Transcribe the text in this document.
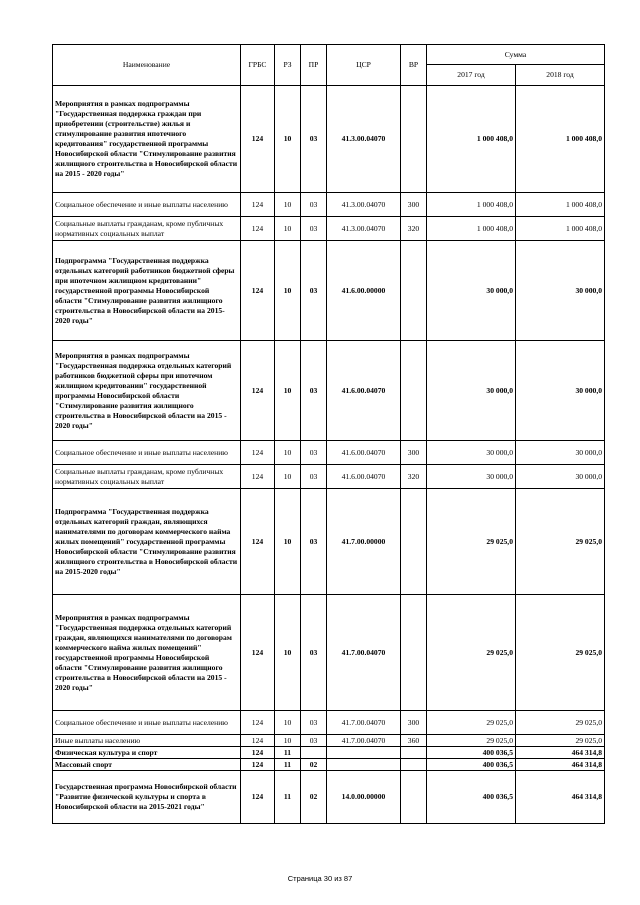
Наименование	ГРБС	РЗ	ПР	ЦСР	ВР	Сумма	
						2017 год	2018 год
Мероприятия в рамках подпрограммы "Государственная поддержка граждан при приобретении (строительстве) жилья и стимулирование развития ипотечного кредитования" государственной программы Новосибирской области "Стимулирование развития жилищного строительства в Новосибирской области на 2015 - 2020 годы"	124	10	03	41.3.00.04070		1 000 408,0	1 000 408,0
Социальное обеспечение и иные выплаты населению	124	10	03	41.3.00.04070	300	1 000 408,0	1 000 408,0
Социальные выплаты гражданам, кроме публичных нормативных социальных выплат	124	10	03	41.3.00.04070	320	1 000 408,0	1 000 408,0
Подпрограмма "Государственная поддержка отдельных категорий работников бюджетной сферы при ипотечном жилищном кредитовании" государственной программы Новосибирской области "Стимулирование развития жилищного строительства в Новосибирской области на 2015-2020 годы"	124	10	03	41.6.00.00000		30 000,0	30 000,0
Мероприятия в рамках подпрограммы "Государственная поддержка отдельных категорий работников бюджетной сферы при ипотечном жилищном кредитовании" государственной программы Новосибирской области "Стимулирование развития жилищного строительства в Новосибирской области на 2015 - 2020 годы"	124	10	03	41.6.00.04070		30 000,0	30 000,0
Социальное обеспечение и иные выплаты населению	124	10	03	41.6.00.04070	300	30 000,0	30 000,0
Социальные выплаты гражданам, кроме публичных нормативных социальных выплат	124	10	03	41.6.00.04070	320	30 000,0	30 000,0
Подпрограмма "Государственная поддержка отдельных категорий граждан, являющихся нанимателями по договорам коммерческого найма жилых помещений" государственной программы Новосибирской области "Стимулирование развития жилищного строительства в Новосибирской области на 2015-2020 годы"	124	10	03	41.7.00.00000		29 025,0	29 025,0
Мероприятия в рамках подпрограммы "Государственная поддержка отдельных категорий граждан, являющихся нанимателями по договорам коммерческого найма жилых помещений" государственной программы Новосибирской области "Стимулирование развития жилищного строительства в Новосибирской области на 2015 - 2020 годы"	124	10	03	41.7.00.04070		29 025,0	29 025,0
Социальное обеспечение и иные выплаты населению	124	10	03	41.7.00.04070	300	29 025,0	29 025,0
Иные выплаты населению	124	10	03	41.7.00.04070	360	29 025,0	29 025,0
Физическая культура и спорт	124	11				400 036,5	464 314,8
Массовый спорт	124	11	02			400 036,5	464 314,8
Государственная программа Новосибирской области "Развитие физической культуры и спорта в Новосибирской области на 2015-2021 годы"	124	11	02	14.0.00.00000		400 036,5	464 314,8
Страница 30 из 87
